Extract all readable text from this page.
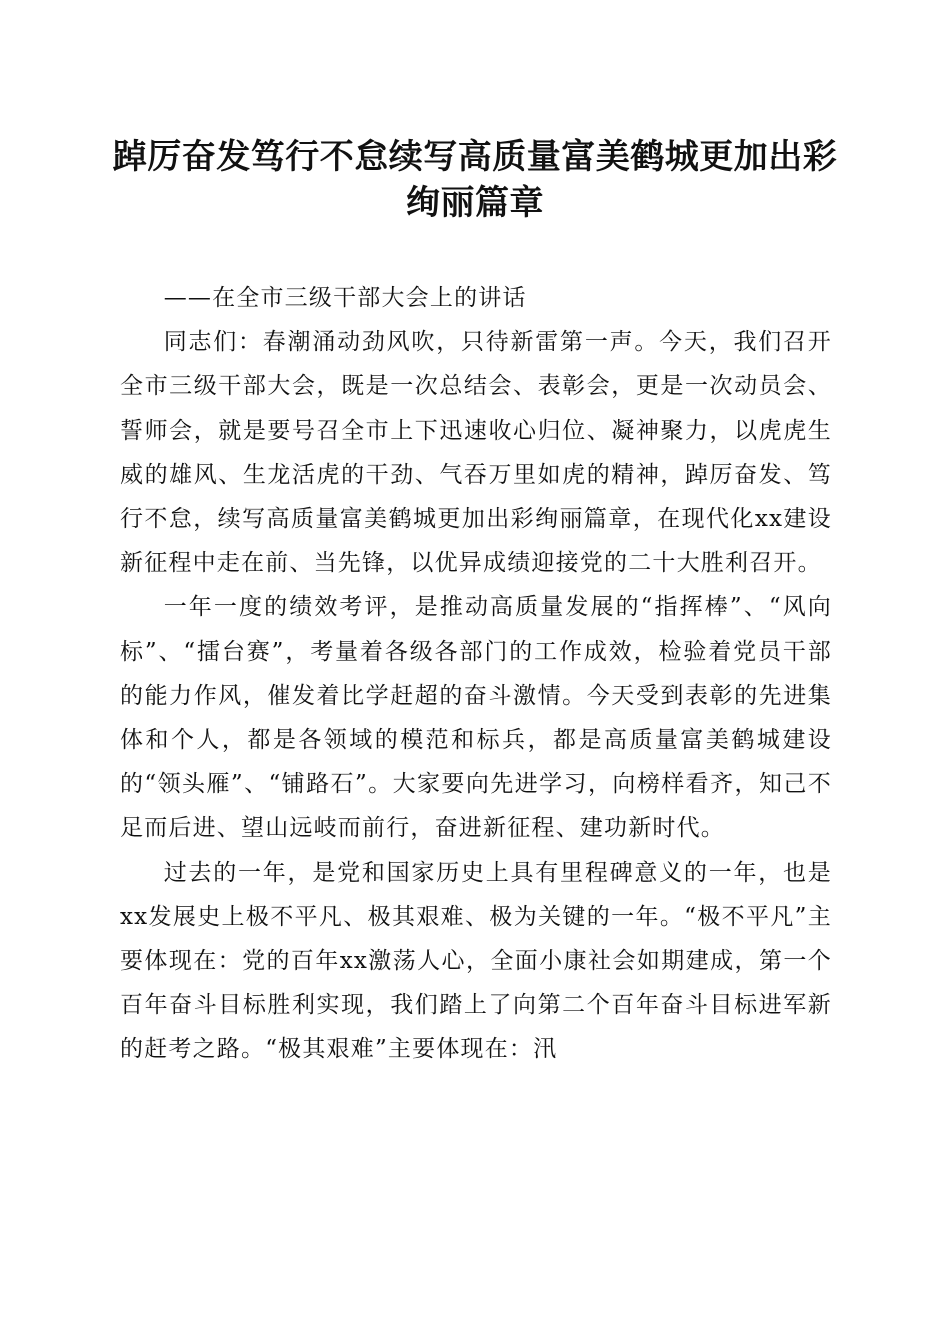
踔厉奋发笃行不怠续写高质量富美鹤城更加出彩绚丽篇章

——在全市三级干部大会上的讲话

同志们：春潮涌动劲风吹，只待新雷第一声。今天，我们召开全市三级干部大会，既是一次总结会、表彰会，更是一次动员会、誓师会，就是要号召全市上下迅速收心归位、凝神聚力，以虎虎生威的雄风、生龙活虎的干劲、气吞万里如虎的精神，踔厉奋发、笃行不怠，续写高质量富美鹤城更加出彩绚丽篇章，在现代化xx建设新征程中走在前、当先锋，以优异成绩迎接党的二十大胜利召开。

一年一度的绩效考评，是推动高质量发展的“指挥棒”、“风向标”、“擂台赛”，考量着各级各部门的工作成效，检验着党员干部的能力作风，催发着比学赶超的奋斗激情。今天受到表彰的先进集体和个人，都是各领域的模范和标兵，都是高质量富美鹤城建设的“领头雁”、“铺路石”。大家要向先进学习，向榜样看齐，知己不足而后进、望山远岐而前行，奋进新征程、建功新时代。

过去的一年，是党和国家历史上具有里程碑意义的一年，也是xx发展史上极不平凡、极其艰难、极为关键的一年。“极不平凡”主要体现在：党的百年xx激荡人心，全面小康社会如期建成，第一个百年奋斗目标胜利实现，我们踏上了向第二个百年奋斗目标进军新的赶考之路。“极其艰难”主要体现在：汛
